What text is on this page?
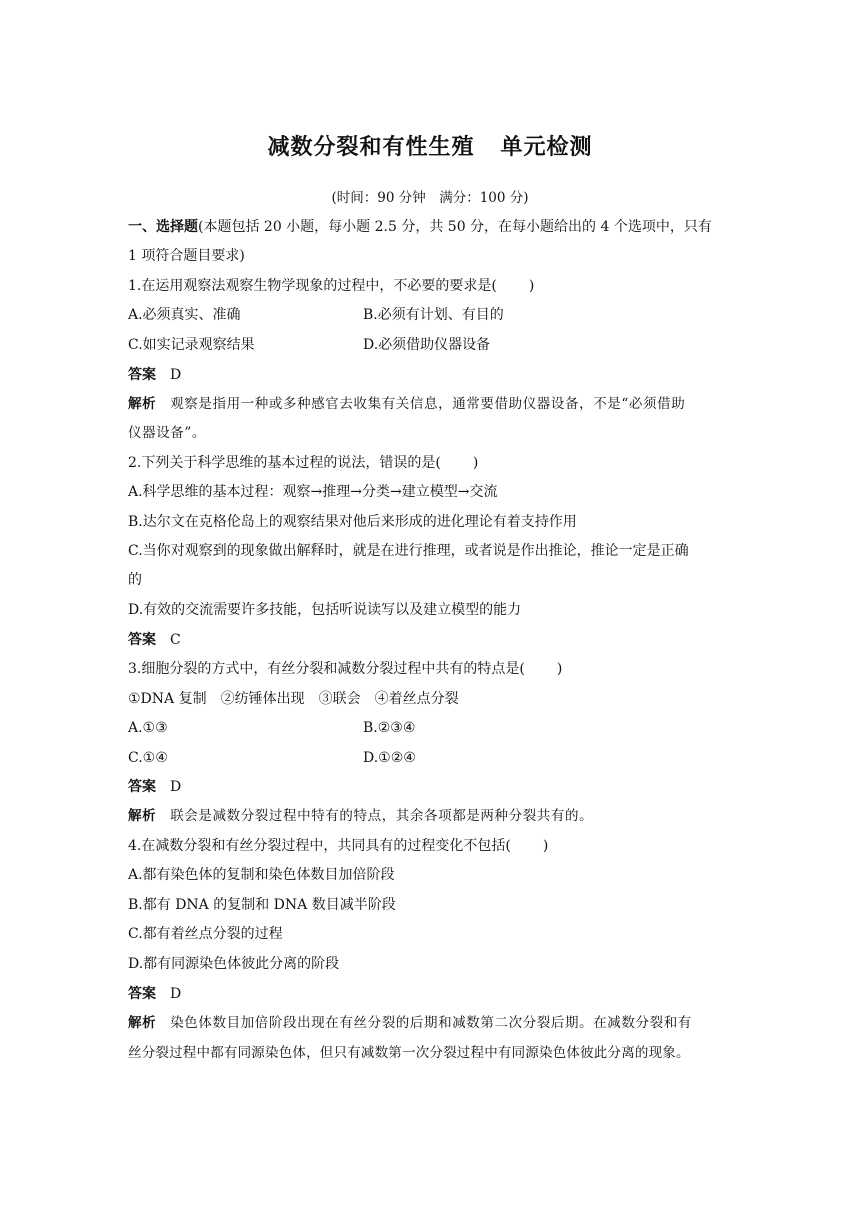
减数分裂和有性生殖 单元检测
(时间：90 分钟　满分：100 分)
一、选择题(本题包括 20 小题，每小题 2.5 分，共 50 分，在每小题给出的 4 个选项中，只有
1 项符合题目要求)
1.在运用观察法观察生物学现象的过程中，不必要的要求是( )
A.必须真实、准确	B.必须有计划、有目的
C.如实记录观察结果	D.必须借助仪器设备
答案 D
解析 观察是指用一种或多种感官去收集有关信息，通常要借助仪器设备，不是“必须借助
仪器设备”。
2.下列关于科学思维的基本过程的说法，错误的是( )
A.科学思维的基本过程：观察→推理→分类→建立模型→交流
B.达尔文在克格伦岛上的观察结果对他后来形成的进化理论有着支持作用
C.当你对观察到的现象做出解释时，就是在进行推理，或者说是作出推论，推论一定是正确
的
D.有效的交流需要许多技能，包括听说读写以及建立模型的能力
答案 C
3.细胞分裂的方式中，有丝分裂和减数分裂过程中共有的特点是( )
①DNA 复制　②纺锤体出现　③联会　④着丝点分裂
A.①③	B.②③④
C.①④	D.①②④
答案 D
解析 联会是减数分裂过程中特有的特点，其余各项都是两种分裂共有的。
4.在减数分裂和有丝分裂过程中，共同具有的过程变化不包括( )
A.都有染色体的复制和染色体数目加倍阶段
B.都有 DNA 的复制和 DNA 数目减半阶段
C.都有着丝点分裂的过程
D.都有同源染色体彼此分离的阶段
答案 D
解析 染色体数目加倍阶段出现在有丝分裂的后期和减数第二次分裂后期。在减数分裂和有
丝分裂过程中都有同源染色体，但只有减数第一次分裂过程中有同源染色体彼此分离的现象。
